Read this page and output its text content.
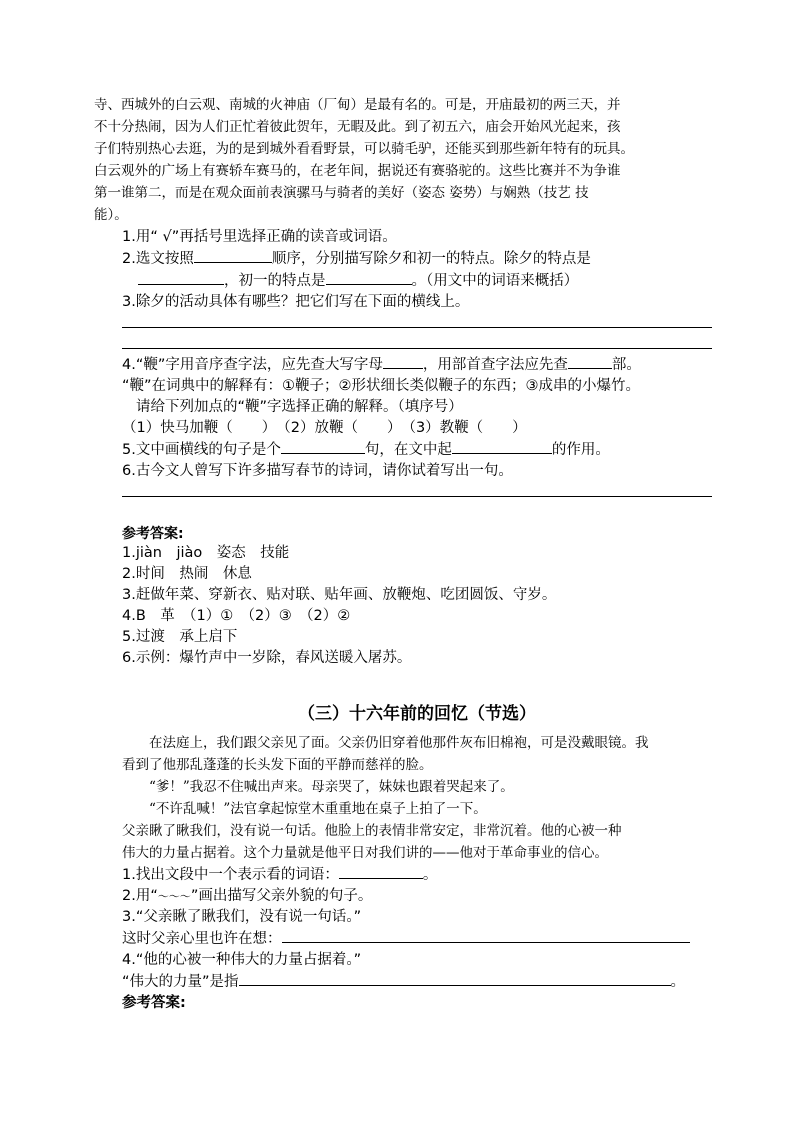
寺、西城外的白云观、南城的火神庙（厂甸）是最有名的。可是，开庙最初的两三天，并
不十分热闹，因为人们正忙着彼此贺年，无暇及此。到了初五六，庙会开始风光起来，孩
子们特别热心去逛，为的是到城外看看野景，可以骑毛驴，还能买到那些新年特有的玩具。
白云观外的广场上有赛轿车赛马的，在老年间，据说还有赛骆驼的。这些比赛并不为争谁
第一谁第二，而是在观众面前表演骡马与骑者的美好（姿态 姿势）与娴熟（技艺 技
能）。
1.用“ √”再括号里选择正确的读音或词语。
2.选文按照	顺序，分别描写除夕和初一的特点。除夕的特点是
，初一的特点是	。（用文中的词语来概括）
3.除夕的活动具体有哪些？把它们写在下面的横线上。
4.“鞭”字用音序查字法，应先查大写字母	，用部首查字法应先查	部。
“鞭”在词典中的解释有：①鞭子；②形状细长类似鞭子的东西；③成串的小爆竹。
请给下列加点的“鞭”字选择正确的解释。（填序号）
（1）快马加鞭（　　）　（2）放鞭（　　）　（3）教鞭（　　）
5.文中画横线的句子是个	句，在文中起	的作用。
6.古今文人曾写下许多描写春节的诗词，请你试着写出一句。
参考答案:
1.jiàn　jiào　姿态　技能
2.时间　热闹　休息
3.赶做年菜、穿新衣、贴对联、贴年画、放鞭炮、吃团圆饭、守岁。
4.B　革　（1）①　（2）③　（2）②
5.过渡　承上启下
6.示例：爆竹声中一岁除，春风送暖入屠苏。
（三）十六年前的回忆（节选）
在法庭上，我们跟父亲见了面。父亲仍旧穿着他那件灰布旧棉袍，可是没戴眼镜。我
看到了他那乱蓬蓬的长头发下面的平静而慈祥的脸。
“爹！”我忍不住喊出声来。母亲哭了，妹妹也跟着哭起来了。
“不许乱喊！”法官拿起惊堂木重重地在桌子上拍了一下。
父亲瞅了瞅我们，没有说一句话。他脸上的表情非常安定，非常沉着。他的心被一种
伟大的力量占据着。这个力量就是他平日对我们讲的——他对于革命事业的信心。
1.找出文段中一个表示看的词语：	。
2.用“～～～”画出描写父亲外貌的句子。
3.“父亲瞅了瞅我们，没有说一句话。”
这时父亲心里也许在想：
4.“他的心被一种伟大的力量占据着。”
“伟大的力量”是指	。
参考答案:
